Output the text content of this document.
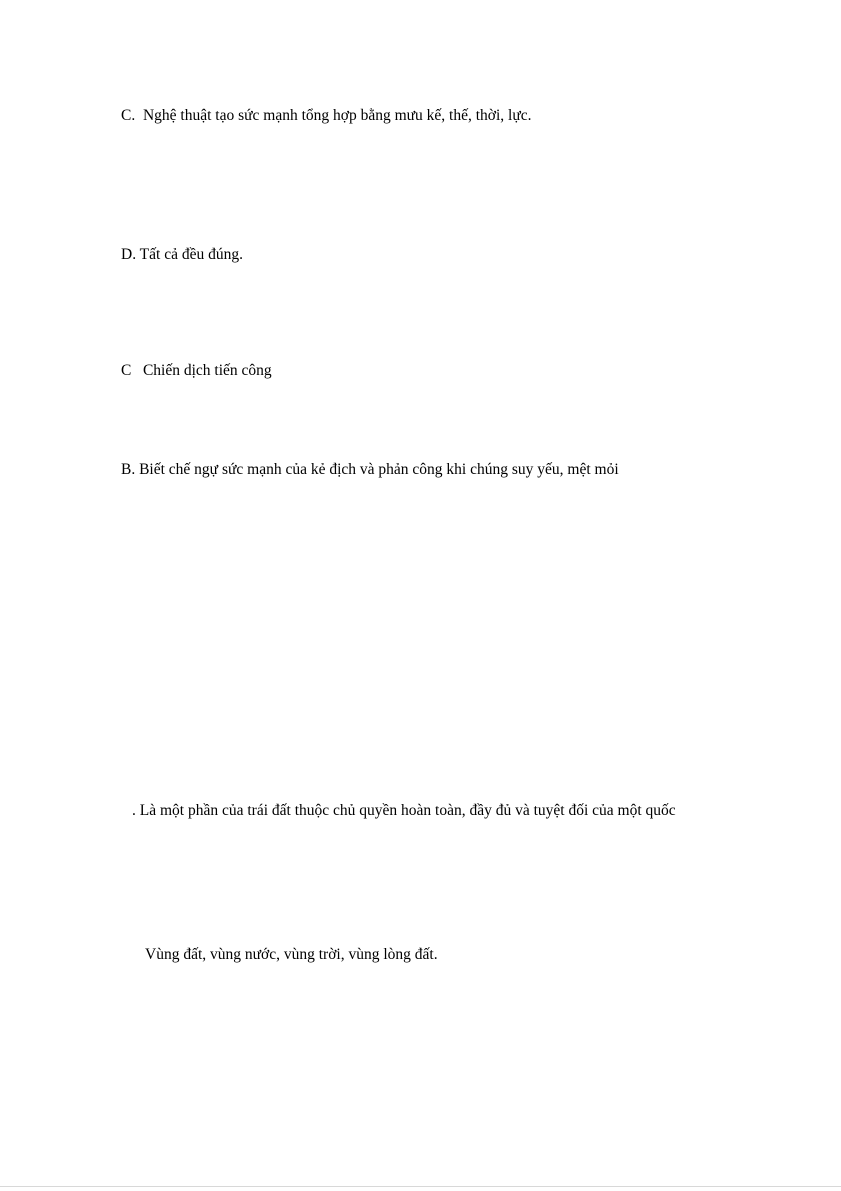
C.  Nghệ thuật tạo sức mạnh tổng hợp bằng mưu kế, thế, thời, lực.

D. Tất cả đều đúng.

C   Chiến dịch tiến công

B. Biết chế ngự sức mạnh của kẻ địch và phản công khi chúng suy yếu, mệt mỏi

. Là một phần của trái đất thuộc chủ quyền hoàn toàn, đầy đủ và tuyệt đối của một quốc

Vùng đất, vùng nước, vùng trời, vùng lòng đất.
